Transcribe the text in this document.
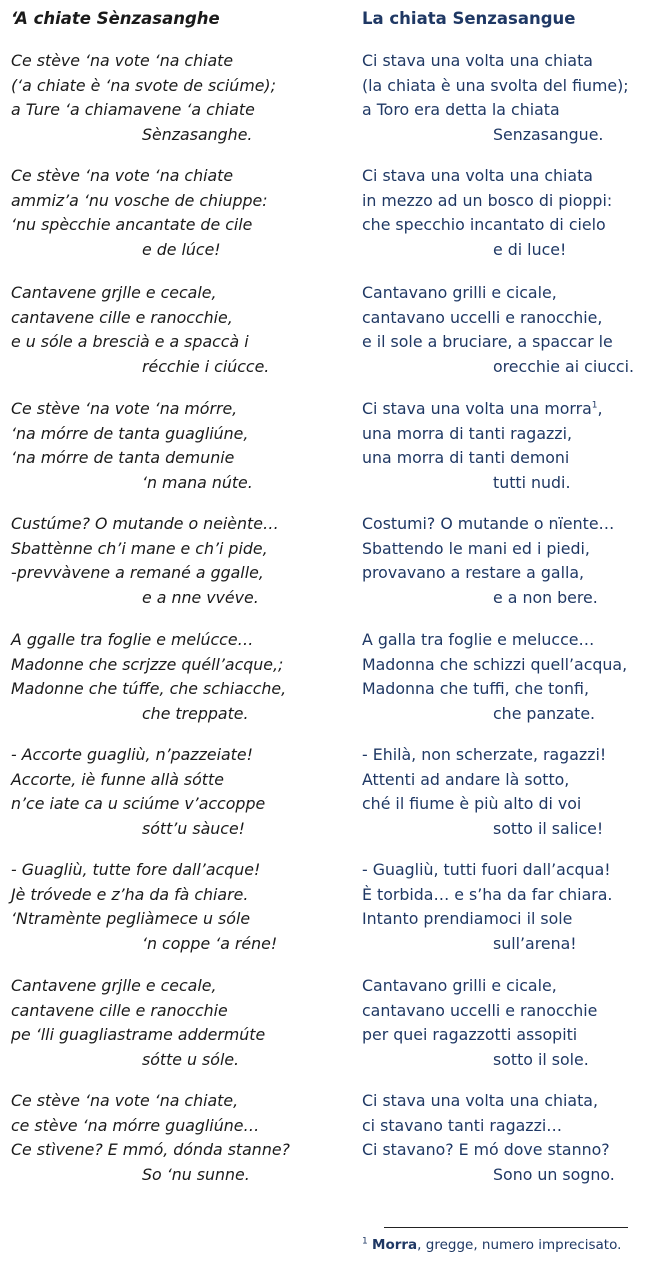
‘A chiate Sènzasanghe
Ce stève ‘na vote ‘na chiate
(‘a chiate è ‘na svote de sciúme);
a Ture ‘a chiamavene ‘a chiate
Sènzasanghe.
Ce stève ‘na vote ‘na chiate
ammiz’a ‘nu vosche de chiuppe:
‘nu spècchie ancantate de cile
e de lúce!
Cantavene grjlle e cecale,
cantavene cille e ranocchie,
e u sóle a brescià e a spaccà i
récchie i ciúcce.
Ce stève ‘na vote ‘na mórre,
‘na mórre de tanta guagliúne,
‘na mórre de tanta demunie
‘n mana núte.
Custúme? O mutande o neiènte…
Sbattènne ch’i mane e ch’i pide,
-prevvàvene a remané a ggalle,
e a nne vvéve.
A ggalle tra foglie e melúcce…
Madonne che scrjzze quéll’acque,;
Madonne che túffe, che schiacche,
che treppate.
- Accorte guagliù, n’pazzeiate!
Accorte, iè funne allà sótte
n’ce iate ca u sciúme v’accoppe
sótt’u sàuce!
- Guagliù, tutte fore dall’acque!
Jè tróvede e z’ha da fà chiare.
‘Ntramènte pegliàmece u sóle
‘n coppe ‘a réne!
Cantavene grjlle e cecale,
cantavene cille e ranocchie
pe ‘lli guagliastrame addermúte
sótte u sóle.
Ce stève ‘na vote ‘na chiate,
ce stève ‘na mórre guagliúne…
Ce stìvene? E mmó, dónda stanne?
So ‘nu sunne.
La chiata Senzasangue
Ci stava una volta una chiata
(la chiata è una svolta del fiume);
a Toro era detta la chiata
Senzasangue.
Ci stava una volta una chiata
in mezzo ad un bosco di pioppi:
che specchio incantato di cielo
e di luce!
Cantavano grilli e cicale,
cantavano uccelli e ranocchie,
e il sole a bruciare, a spaccar le
orecchie ai ciucci.
Ci stava una volta una morra$^1$,
una morra di tanti ragazzi,
una morra di tanti demoni
tutti nudi.
Costumi? O mutande o nïente…
Sbattendo le mani ed i piedi,
provavano a restare a galla,
e a non bere.
A galla tra foglie e melucce…
Madonna che schizzi quell’acqua,
Madonna che tuffi, che tonfi,
che panzate.
- Ehilà, non scherzate, ragazzi!
Attenti ad andare là sotto,
ché il fiume è più alto di voi
sotto il salice!
- Guagliù, tutti fuori dall’acqua!
È torbida… e s’ha da far chiara.
Intanto prendiamoci il sole
sull’arena!
Cantavano grilli e cicale,
cantavano uccelli e ranocchie
per quei ragazzotti assopiti
sotto il sole.
Ci stava una volta una chiata,
ci stavano tanti ragazzi…
Ci stavano? E mó dove stanno?
Sono un sogno.
$^1$ Morra, gregge, numero imprecisato.
